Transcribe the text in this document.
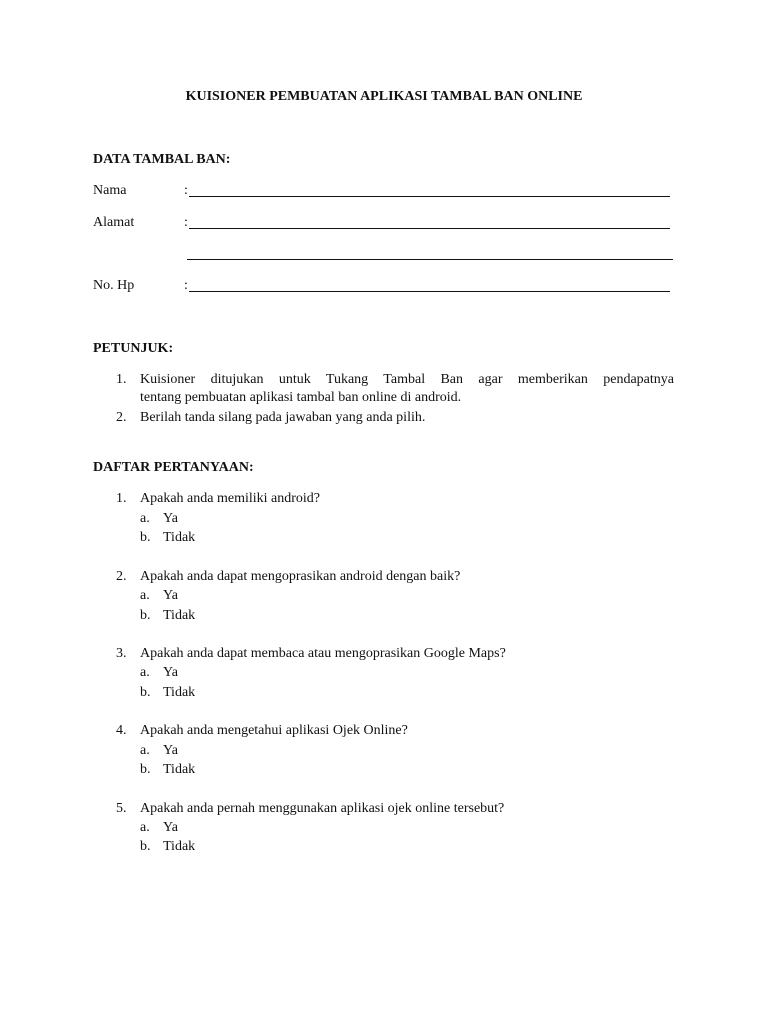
KUISIONER PEMBUATAN APLIKASI TAMBAL BAN ONLINE
DATA TAMBAL BAN:
Nama	:
Alamat	:
No. Hp	:
PETUNJUK:
1. Kuisioner ditujukan untuk Tukang Tambal Ban agar memberikan pendapatnya
tentang pembuatan aplikasi tambal ban online di android.
2. Berilah tanda silang pada jawaban yang anda pilih.
DAFTAR PERTANYAAN:
1. Apakah anda memiliki android?
a. Ya
b. Tidak
2. Apakah anda dapat mengoprasikan android dengan baik?
a. Ya
b. Tidak
3. Apakah anda dapat membaca atau mengoprasikan Google Maps?
a. Ya
b. Tidak
4. Apakah anda mengetahui aplikasi Ojek Online?
a. Ya
b. Tidak
5. Apakah anda pernah menggunakan aplikasi ojek online tersebut?
a. Ya
b. Tidak
